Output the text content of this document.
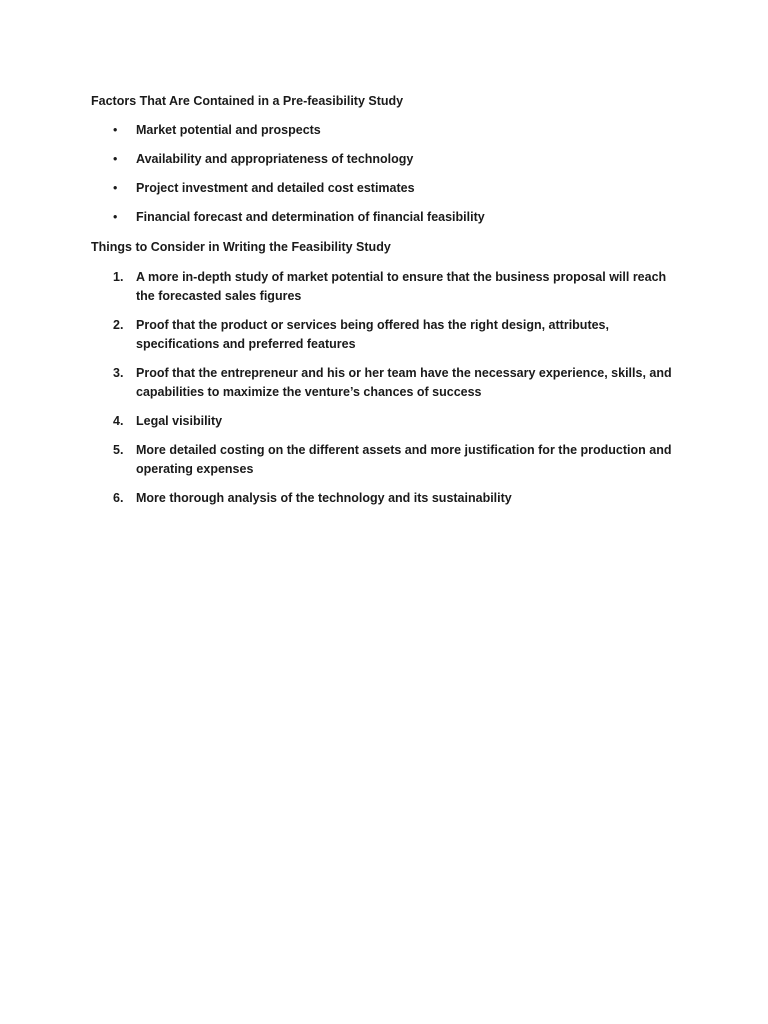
Factors That Are Contained in a Pre-feasibility Study
• Market potential and prospects
• Availability and appropriateness of technology
• Project investment and detailed cost estimates
• Financial forecast and determination of financial feasibility
Things to Consider in Writing the Feasibility Study
1. A more in-depth study of market potential to ensure that the business proposal will reach the forecasted sales figures
2. Proof that the product or services being offered has the right design, attributes, specifications and preferred features
3. Proof that the entrepreneur and his or her team have the necessary experience, skills, and capabilities to maximize the venture’s chances of success
4. Legal visibility
5. More detailed costing on the different assets and more justification for the production and operating expenses
6. More thorough analysis of the technology and its sustainability
